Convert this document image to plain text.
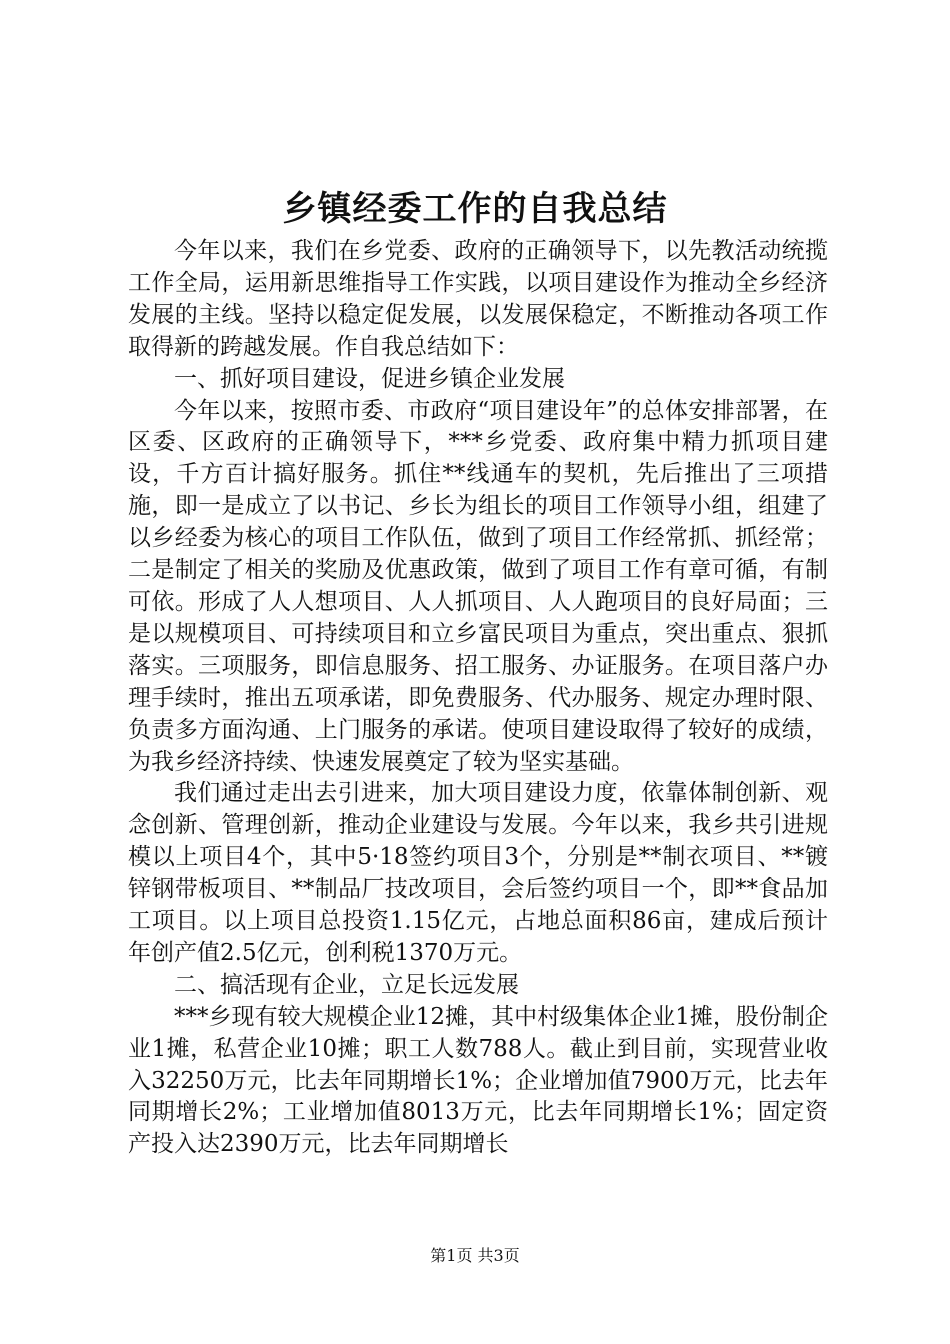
乡镇经委工作的自我总结

今年以来，我们在乡党委、政府的正确领导下，以先教活动统揽工作全局，运用新思维指导工作实践，以项目建设作为推动全乡经济发展的主线。坚持以稳定促发展，以发展保稳定，不断推动各项工作取得新的跨越发展。作自我总结如下：

一、抓好项目建设，促进乡镇企业发展

今年以来，按照市委、市政府“项目建设年”的总体安排部署，在区委、区政府的正确领导下，***乡党委、政府集中精力抓项目建设，千方百计搞好服务。抓住**线通车的契机，先后推出了三项措施，即一是成立了以书记、乡长为组长的项目工作领导小组，组建了以乡经委为核心的项目工作队伍，做到了项目工作经常抓、抓经常；二是制定了相关的奖励及优惠政策，做到了项目工作有章可循，有制可依。形成了人人想项目、人人抓项目、人人跑项目的良好局面；三是以规模项目、可持续项目和立乡富民项目为重点，突出重点、狠抓落实。三项服务，即信息服务、招工服务、办证服务。在项目落户办理手续时，推出五项承诺，即免费服务、代办服务、规定办理时限、负责多方面沟通、上门服务的承诺。使项目建设取得了较好的成绩，为我乡经济持续、快速发展奠定了较为坚实基础。

我们通过走出去引进来，加大项目建设力度，依靠体制创新、观念创新、管理创新，推动企业建设与发展。今年以来，我乡共引进规模以上项目4个，其中5·18签约项目3个，分别是**制衣项目、**镀锌钢带板项目、**制品厂技改项目，会后签约项目一个，即**食品加工项目。以上项目总投资1.15亿元，占地总面积86亩，建成后预计年创产值2.5亿元，创利税1370万元。

二、搞活现有企业，立足长远发展

***乡现有较大规模企业12摊，其中村级集体企业1摊，股份制企业1摊，私营企业10摊；职工人数788人。截止到目前，实现营业收入32250万元，比去年同期增长1%；企业增加值7900万元，比去年同期增长2%；工业增加值8013万元，比去年同期增长1%；固定资产投入达2390万元，比去年同期增长

第1页 共3页
